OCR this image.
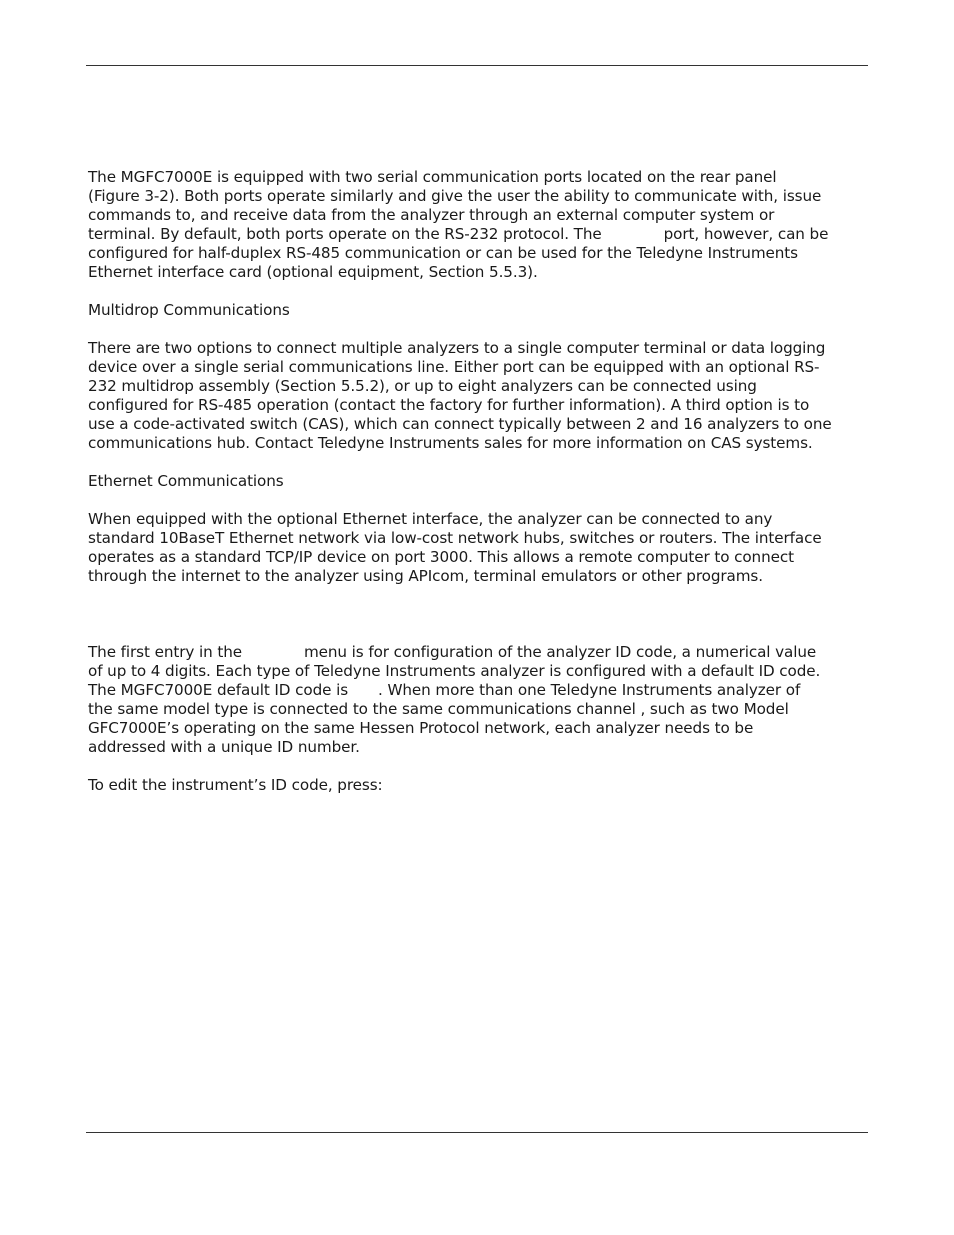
The MGFC7000E is equipped with two serial communication ports located on the rear panel

(Figure 3-2). Both ports operate similarly and give the user the ability to communicate with, issue

commands to, and receive data from the analyzer through an external computer system or

terminal. By default, both ports operate on the RS-232 protocol. The	port, however, can be

configured for half-duplex RS-485 communication or can be used for the Teledyne Instruments

Ethernet interface card (optional equipment, Section 5.5.3).

Multidrop Communications

There are two options to connect multiple analyzers to a single computer terminal or data logging

device over a single serial communications line. Either port can be equipped with an optional RS-

232 multidrop assembly (Section 5.5.2), or up to eight analyzers can be connected using

configured for RS-485 operation (contact the factory for further information). A third option is to

use a code-activated switch (CAS), which can connect typically between 2 and 16 analyzers to one

communications hub. Contact Teledyne Instruments sales for more information on CAS systems.

Ethernet Communications

When equipped with the optional Ethernet interface, the analyzer can be connected to any

standard 10BaseT Ethernet network via low-cost network hubs, switches or routers. The interface

operates as a standard TCP/IP device on port 3000. This allows a remote computer to connect

through the internet to the analyzer using APIcom, terminal emulators or other programs.

The first entry in the	menu is for configuration of the analyzer ID code, a numerical value

of up to 4 digits. Each type of Teledyne Instruments analyzer is configured with a default ID code.

The MGFC7000E default ID code is . When more than one Teledyne Instruments analyzer of

the same model type is connected to the same communications channel , such as two Model

GFC7000E’s operating on the same Hessen Protocol network, each analyzer needs to be

addressed with a unique ID number.

To edit the instrument’s ID code, press:
